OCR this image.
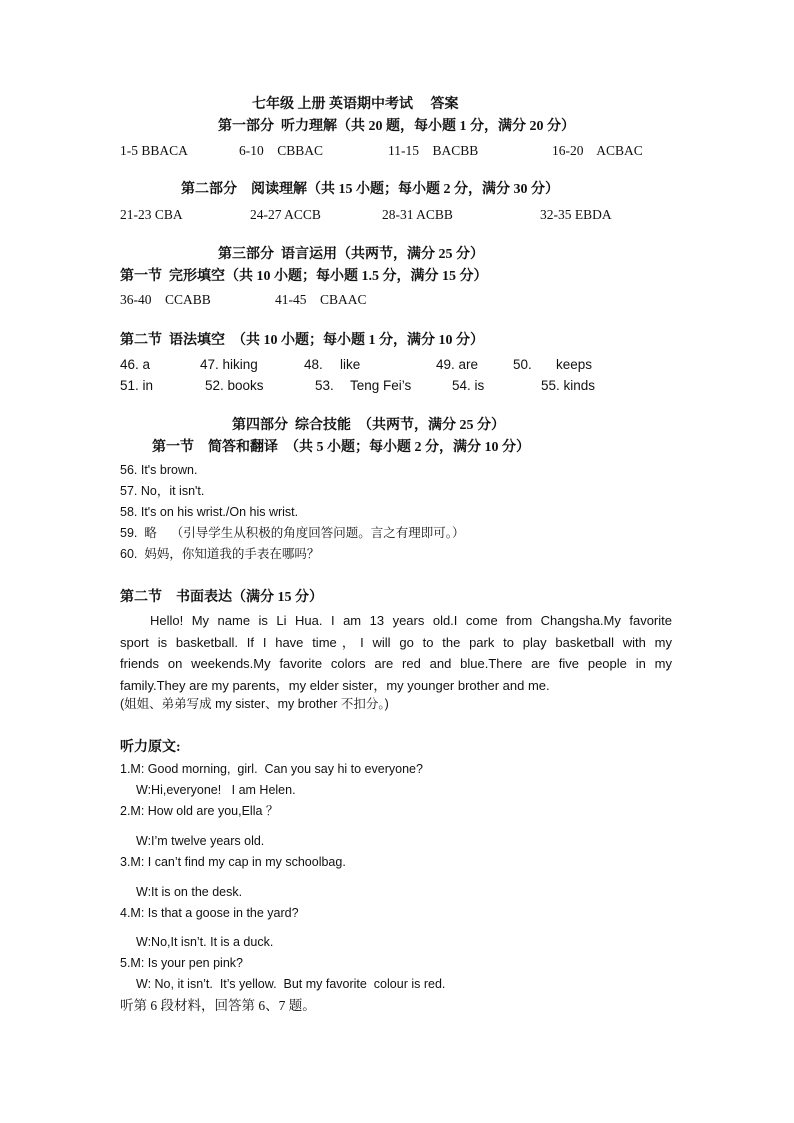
七年级 上册 英语期中考试　 答案
第一部分  听力理解（共 20 题，每小题 1 分，满分 20 分）
1-5 BBACA	6-10    CBBAC	11-15    BACBB	16-20    ACBAC
第二部分    阅读理解（共 15 小题；每小题 2 分，满分 30 分）
21-23 CBA	24-27 ACCB	28-31 ACBB	32-35 EBDA
第三部分  语言运用（共两节，满分 25 分）
第一节  完形填空（共 10 小题；每小题 1.5 分，满分 15 分）
36-40    CCABB	41-45    CBAAC
第二节  语法填空  （共 10 小题；每小题 1 分，满分 10 分）
46. a	47. hiking	48. like	49. are	50. keeps
51. in	52. books	53. Teng Fei’s	54. is	55. kinds
第四部分  综合技能  （共两节，满分 25 分）
第一节    简答和翻译  （共 5 小题；每小题 2 分，满分 10 分）
56. It's brown.
57. No，it isn't.
58. It's on his wrist./On his wrist.
59.  略    （引导学生从积极的角度回答问题。言之有理即可。）
60.  妈妈，你知道我的手表在哪吗？
第二节    书面表达（满分 15 分）
Hello! My name is Li Hua. I am 13 years old.I come from Changsha.My favorite
sport is basketball. If I have time，I will go to the park to play basketball with my
friends on weekends.My favorite colors are red and blue.There are five people in my
family.They are my parents，my elder sister，my younger brother and me.
(姐姐、弟弟写成 my sister、my brother 不扣分。)
听力原文:
1.M: Good morning,  girl.  Can you say hi to everyone?
W:Hi,everyone!   I am Helen.
2.M: How old are you,Ella ？
W:I’m twelve years old.
3.M: I can’t find my cap in my schoolbag.
W:It is on the desk.
4.M: Is that a goose in the yard?
W:No,It isn’t. It is a duck.
5.M: Is your pen pink?
W: No, it isn’t.  It’s yellow.  But my favorite  colour is red.
听第 6 段材料，回答第 6、7 题。
